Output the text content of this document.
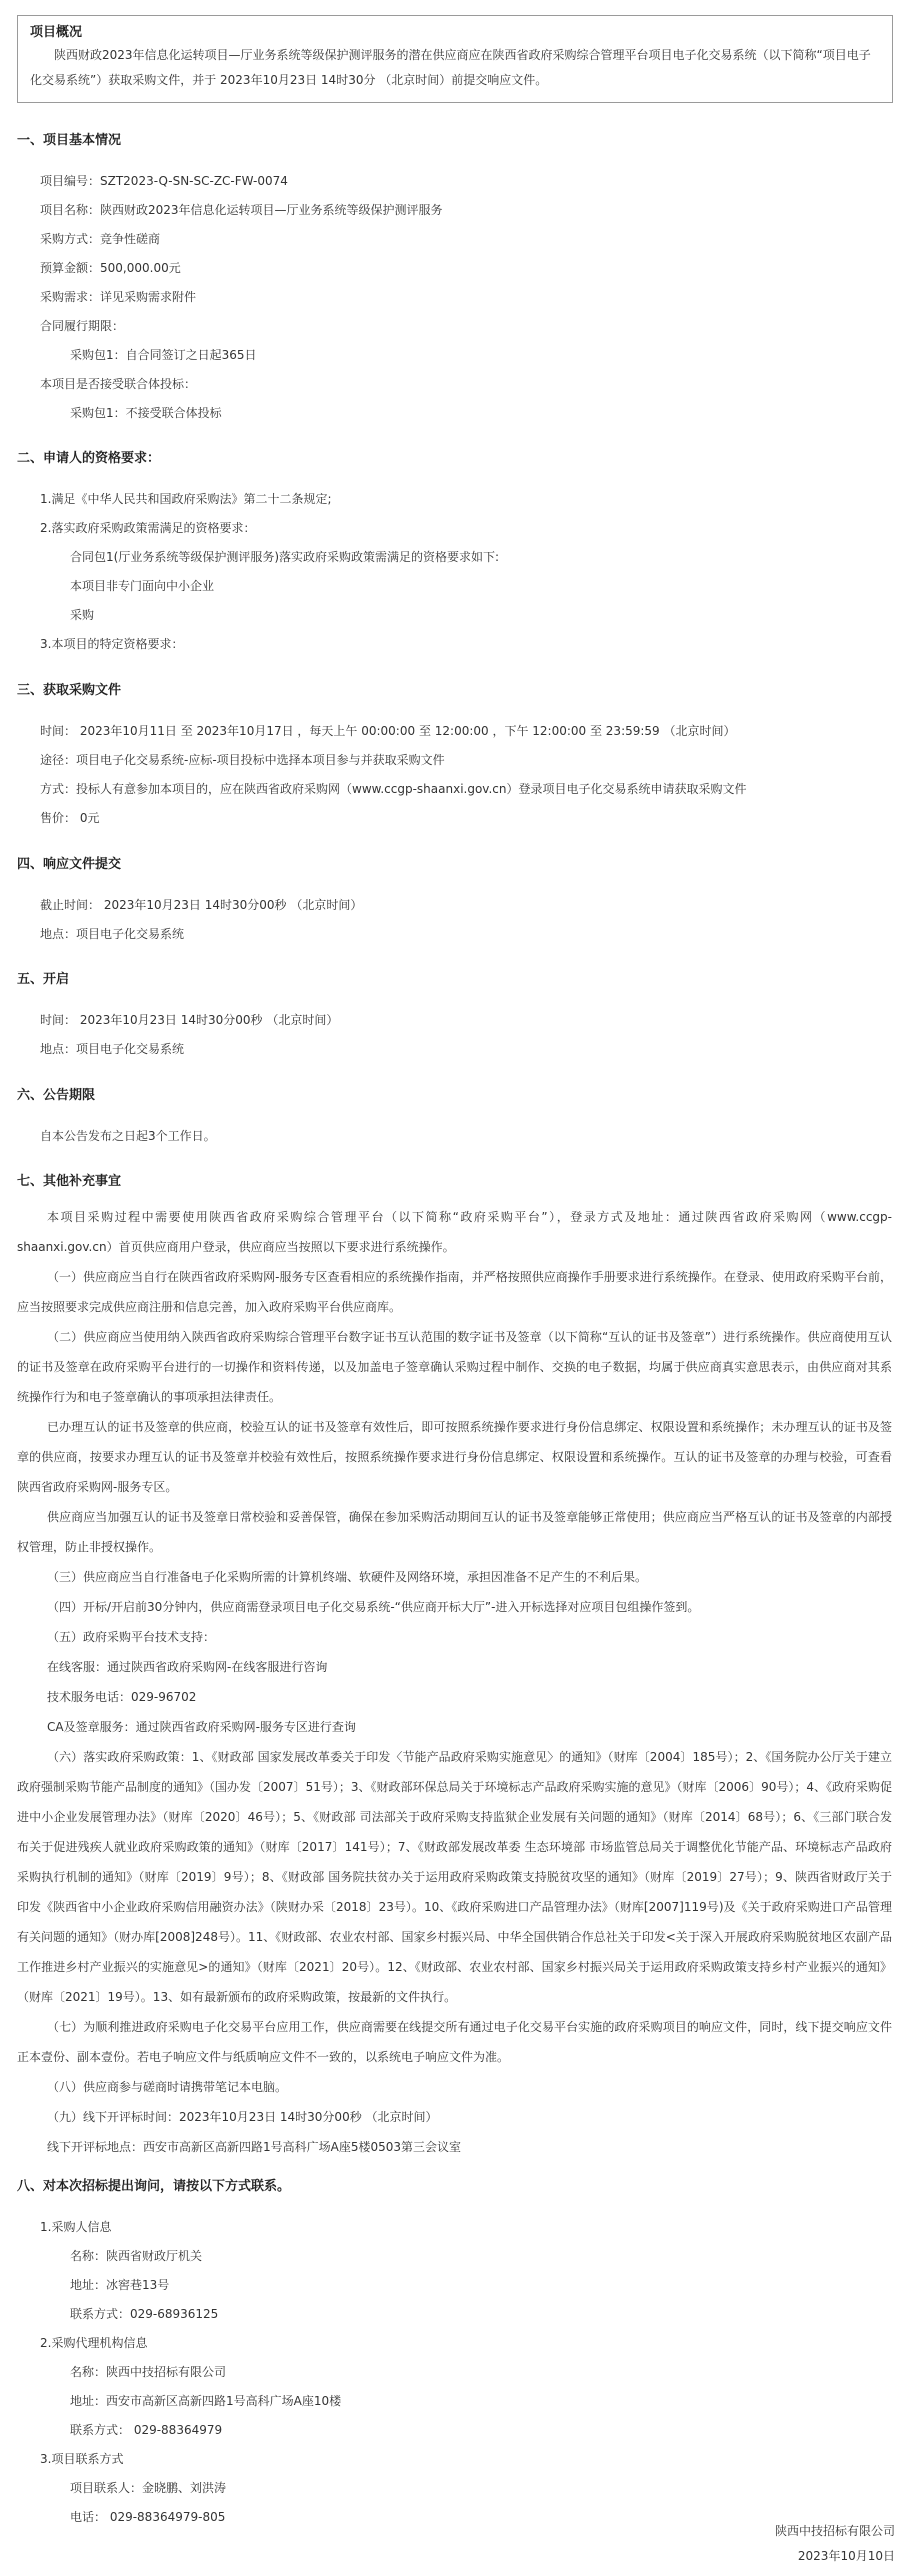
项目概况
陕西财政2023年信息化运转项目—厅业务系统等级保护测评服务的潜在供应商应在陕西省政府采购综合管理平台项目电子化交易系统（以下简称“项目电子化交易系统”）获取采购文件，并于 2023年10月23日 14时30分 （北京时间）前提交响应文件。
一、项目基本情况
项目编号：SZT2023-Q-SN-SC-ZC-FW-0074
项目名称：陕西财政2023年信息化运转项目—厅业务系统等级保护测评服务
采购方式：竞争性磋商
预算金额：500,000.00元
采购需求：详见采购需求附件
合同履行期限：
采购包1：自合同签订之日起365日
本项目是否接受联合体投标：
采购包1：不接受联合体投标
二、申请人的资格要求：
1.满足《中华人民共和国政府采购法》第二十二条规定;
2.落实政府采购政策需满足的资格要求：
合同包1(厅业务系统等级保护测评服务)落实政府采购政策需满足的资格要求如下:
本项目非专门面向中小企业
采购
3.本项目的特定资格要求：
三、获取采购文件
时间： 2023年10月11日 至 2023年10月17日 ，每天上午 00:00:00 至 12:00:00 ，下午 12:00:00 至 23:59:59 （北京时间）
途径：项目电子化交易系统-应标-项目投标中选择本项目参与并获取采购文件
方式：投标人有意参加本项目的，应在陕西省政府采购网（www.ccgp-shaanxi.gov.cn）登录项目电子化交易系统申请获取采购文件
售价： 0元
四、响应文件提交
截止时间： 2023年10月23日 14时30分00秒 （北京时间）
地点：项目电子化交易系统
五、开启
时间： 2023年10月23日 14时30分00秒 （北京时间）
地点：项目电子化交易系统
六、公告期限
自本公告发布之日起3个工作日。
七、其他补充事宜

本项目采购过程中需要使用陕西省政府采购综合管理平台（以下简称“政府采购平台”），登录方式及地址：通过陕西省政府采购网（www.ccgp-shaanxi.gov.cn）首页供应商用户登录，供应商应当按照以下要求进行系统操作。

（一）供应商应当自行在陕西省政府采购网-服务专区查看相应的系统操作指南，并严格按照供应商操作手册要求进行系统操作。在登录、使用政府采购平台前，应当按照要求完成供应商注册和信息完善，加入政府采购平台供应商库。

（二）供应商应当使用纳入陕西省政府采购综合管理平台数字证书互认范围的数字证书及签章（以下简称“互认的证书及签章”）进行系统操作。供应商使用互认的证书及签章在政府采购平台进行的一切操作和资料传递，以及加盖电子签章确认采购过程中制作、交换的电子数据，均属于供应商真实意思表示，由供应商对其系统操作行为和电子签章确认的事项承担法律责任。

已办理互认的证书及签章的供应商，校验互认的证书及签章有效性后，即可按照系统操作要求进行身份信息绑定、权限设置和系统操作；未办理互认的证书及签章的供应商，按要求办理互认的证书及签章并校验有效性后，按照系统操作要求进行身份信息绑定、权限设置和系统操作。互认的证书及签章的办理与校验，可查看陕西省政府采购网-服务专区。

供应商应当加强互认的证书及签章日常校验和妥善保管，确保在参加采购活动期间互认的证书及签章能够正常使用；供应商应当严格互认的证书及签章的内部授权管理，防止非授权操作。

（三）供应商应当自行准备电子化采购所需的计算机终端、软硬件及网络环境，承担因准备不足产生的不利后果。

（四）开标/开启前30分钟内，供应商需登录项目电子化交易系统-“供应商开标大厅”-进入开标选择对应项目包组操作签到。

（五）政府采购平台技术支持：

在线客服：通过陕西省政府采购网-在线客服进行咨询

技术服务电话：029-96702

CA及签章服务：通过陕西省政府采购网-服务专区进行查询

（六）落实政府采购政策：1、《财政部 国家发展改革委关于印发〈节能产品政府采购实施意见〉的通知》（财库〔2004〕185号）；2、《国务院办公厅关于建立政府强制采购节能产品制度的通知》（国办发〔2007〕51号）；3、《财政部环保总局关于环境标志产品政府采购实施的意见》（财库〔2006〕90号）；4、《政府采购促进中小企业发展管理办法》（财库〔2020〕46号）；5、《财政部 司法部关于政府采购支持监狱企业发展有关问题的通知》（财库〔2014〕68号）；6、《三部门联合发布关于促进残疾人就业政府采购政策的通知》（财库〔2017〕141号）；7、《财政部发展改革委 生态环境部 市场监管总局关于调整优化节能产品、环境标志产品政府采购执行机制的通知》（财库〔2019〕9号）；8、《财政部 国务院扶贫办关于运用政府采购政策支持脱贫攻坚的通知》（财库〔2019〕27号）；9、陕西省财政厅关于印发《陕西省中小企业政府采购信用融资办法》（陕财办采〔2018〕23号）。10、《政府采购进口产品管理办法》（财库[2007]119号)及《关于政府采购进口产品管理有关问题的通知》（财办库[2008]248号）。11、《财政部、农业农村部、国家乡村振兴局、中华全国供销合作总社关于印发<关于深入开展政府采购脱贫地区农副产品工作推进乡村产业振兴的实施意见>的通知》（财库〔2021〕20号）。12、《财政部、农业农村部、国家乡村振兴局关于运用政府采购政策支持乡村产业振兴的通知》（财库〔2021〕19号）。13、如有最新颁布的政府采购政策，按最新的文件执行。

（七）为顺利推进政府采购电子化交易平台应用工作，供应商需要在线提交所有通过电子化交易平台实施的政府采购项目的响应文件，同时，线下提交响应文件正本壹份、副本壹份。若电子响应文件与纸质响应文件不一致的，以系统电子响应文件为准。

（八）供应商参与磋商时请携带笔记本电脑。

（九）线下开评标时间：2023年10月23日 14时30分00秒 （北京时间）

线下开评标地点：西安市高新区高新四路1号高科广场A座5楼0503第三会议室

八、对本次招标提出询问，请按以下方式联系。
1.采购人信息
名称：陕西省财政厅机关
地址：冰窖巷13号
联系方式：029-68936125
2.采购代理机构信息
名称：陕西中技招标有限公司
地址：西安市高新区高新四路1号高科广场A座10楼
联系方式： 029-88364979
3.项目联系方式
项目联系人：金晓鹏、刘洪涛
电话： 029-88364979-805
陕西中技招标有限公司
2023年10月10日
